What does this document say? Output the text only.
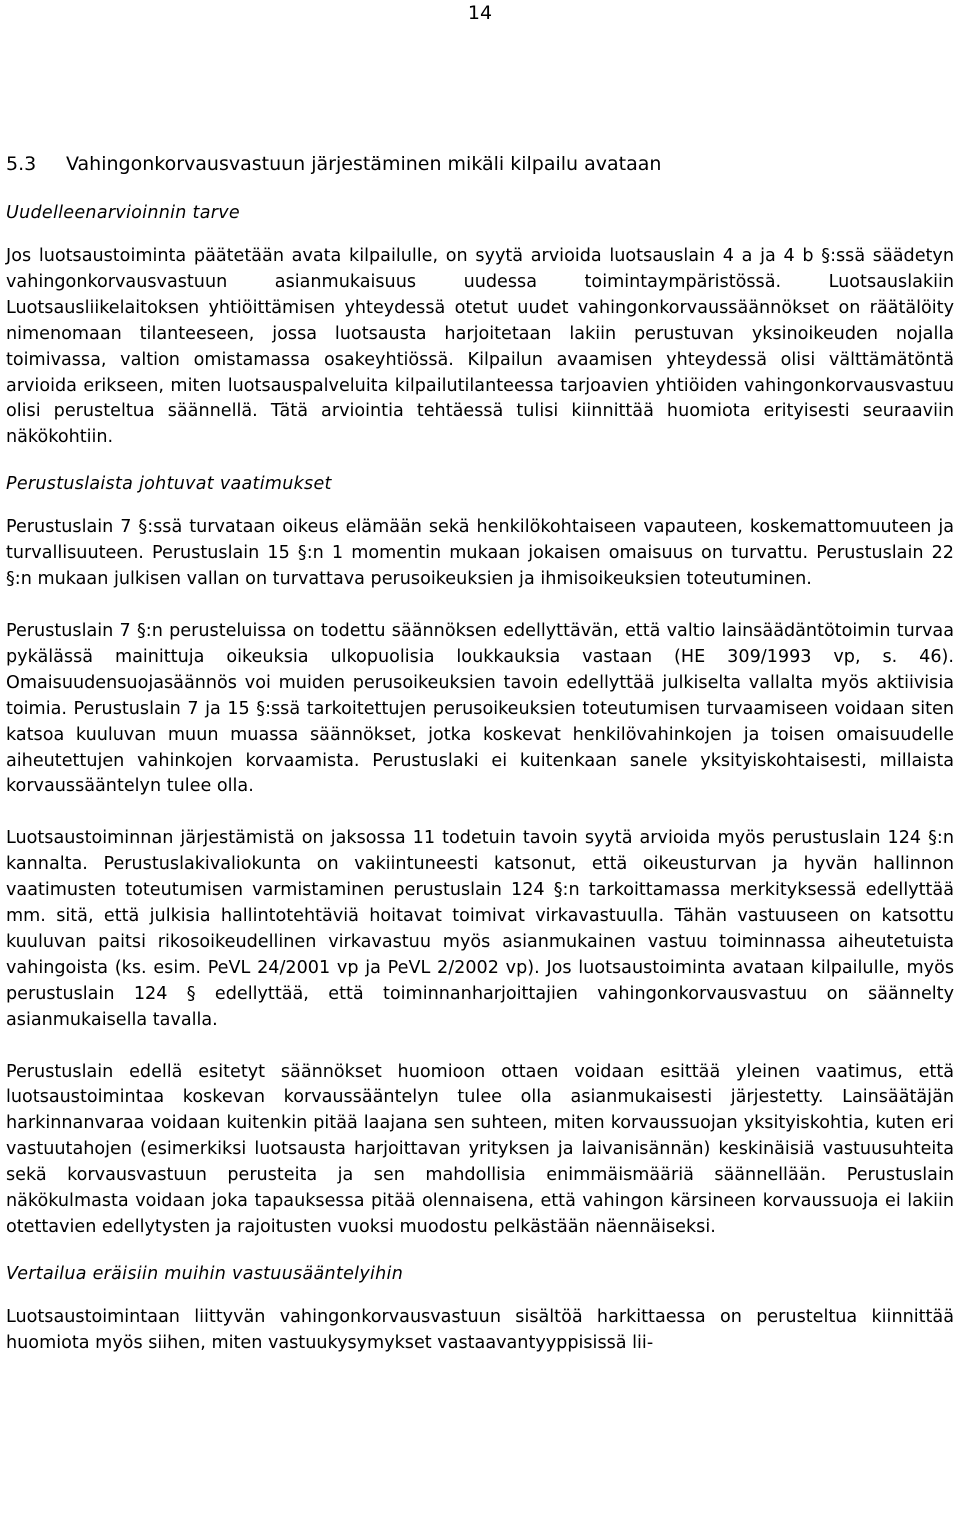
14
5.3 Vahingonkorvausvastuun järjestäminen mikäli kilpailu avataan
Uudelleenarvioinnin tarve

Jos luotsaustoiminta päätetään avata kilpailulle, on syytä arvioida luotsauslain 4 a ja 4 b §:ssä säädetyn vahingonkorvausvastuun asianmukaisuus uudessa toimintaympäristössä. Luotsauslakiin Luotsausliikelaitoksen yhtiöittämisen yhteydessä otetut uudet vahingonkorvaussäännökset on räätälöity nimenomaan tilanteeseen, jossa luotsausta harjoitetaan lakiin perustuvan yksinoikeuden nojalla toimivassa, valtion omistamassa osakeyhtiössä. Kilpailun avaamisen yhteydessä olisi välttämätöntä arvioida erikseen, miten luotsauspalveluita kilpailutilanteessa tarjoavien yhtiöiden vahingonkorvausvastuu olisi perusteltua säännellä. Tätä arviointia tehtäessä tulisi kiinnittää huomiota erityisesti seuraaviin näkökohtiin.

Perustuslaista johtuvat vaatimukset

Perustuslain 7 §:ssä turvataan oikeus elämään sekä henkilökohtaiseen vapauteen, koskemattomuuteen ja turvallisuuteen. Perustuslain 15 §:n 1 momentin mukaan jokaisen omaisuus on turvattu. Perustuslain 22 §:n mukaan julkisen vallan on turvattava perusoikeuksien ja ihmisoikeuksien toteutuminen.

Perustuslain 7 §:n perusteluissa on todettu säännöksen edellyttävän, että valtio lainsäädäntötoimin turvaa pykälässä mainittuja oikeuksia ulkopuolisia loukkauksia vastaan (HE 309/1993 vp, s. 46). Omaisuudensuojasäännös voi muiden perusoikeuksien tavoin edellyttää julkiselta vallalta myös aktiivisia toimia. Perustuslain 7 ja 15 §:ssä tarkoitettujen perusoikeuksien toteutumisen turvaamiseen voidaan siten katsoa kuuluvan muun muassa säännökset, jotka koskevat henkilövahinkojen ja toisen omaisuudelle aiheutettujen vahinkojen korvaamista. Perustuslaki ei kuitenkaan sanele yksityiskohtaisesti, millaista korvaussääntelyn tulee olla.

Luotsaustoiminnan järjestämistä on jaksossa 11 todetuin tavoin syytä arvioida myös perustuslain 124 §:n kannalta. Perustuslakivaliokunta on vakiintuneesti katsonut, että oikeusturvan ja hyvän hallinnon vaatimusten toteutumisen varmistaminen perustuslain 124 §:n tarkoittamassa merkityksessä edellyttää mm. sitä, että julkisia hallintotehtäviä hoitavat toimivat virkavastuulla. Tähän vastuuseen on katsottu kuuluvan paitsi rikosoikeudellinen virkavastuu myös asianmukainen vastuu toiminnassa aiheutetuista vahingoista (ks. esim. PeVL 24/2001 vp ja PeVL 2/2002 vp). Jos luotsaustoiminta avataan kilpailulle, myös perustuslain 124 § edellyttää, että toiminnanharjoittajien vahingonkorvausvastuu on säännelty asianmukaisella tavalla.

Perustuslain edellä esitetyt säännökset huomioon ottaen voidaan esittää yleinen vaatimus, että luotsaustoimintaa koskevan korvaussääntelyn tulee olla asianmukaisesti järjestetty. Lainsäätäjän harkinnanvaraa voidaan kuitenkin pitää laajana sen suhteen, miten korvaussuojan yksityiskohtia, kuten eri vastuutahojen (esimerkiksi luotsausta harjoittavan yrityksen ja laivanisännän) keskinäisiä vastuusuhteita sekä korvausvastuun perusteita ja sen mahdollisia enimmäismääriä säännellään. Perustuslain näkökulmasta voidaan joka tapauksessa pitää olennaisena, että vahingon kärsineen korvaussuoja ei lakiin otettavien edellytysten ja rajoitusten vuoksi muodostu pelkästään näennäiseksi.

Vertailua eräisiin muihin vastuusääntelyihin

Luotsaustoimintaan liittyvän vahingonkorvausvastuun sisältöä harkittaessa on perusteltua kiinnittää huomiota myös siihen, miten vastuukysymykset vastaavantyyppisissä lii-
